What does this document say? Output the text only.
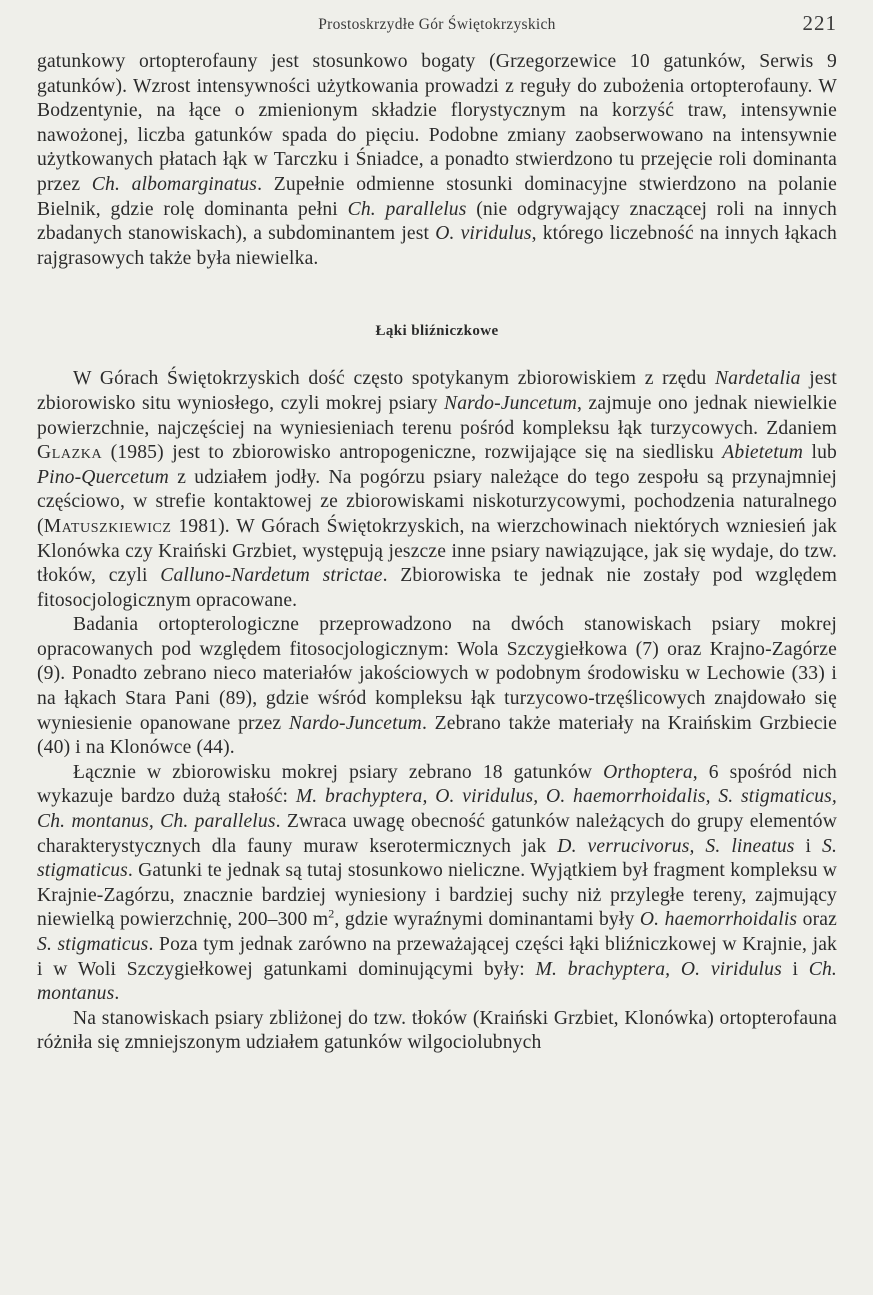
Prostoskrzydłe Gór Świętokrzyskich	221

gatunkowy ortopterofauny jest stosunkowo bogaty (Grzegorzewice 10 gatunków, Serwis 9 gatunków). Wzrost intensywności użytkowania prowadzi z reguły do zubożenia ortopterofauny. W Bodzentynie, na łące o zmienionym składzie florystycznym na korzyść traw, intensywnie nawożonej, liczba gatunków spada do pięciu. Podobne zmiany zaobserwowano na intensywnie użytkowanych płatach łąk w Tarczku i Śniadce, a ponadto stwierdzono tu przejęcie roli dominanta przez Ch. albomarginatus. Zupełnie odmienne stosunki dominacyjne stwierdzono na polanie Bielnik, gdzie rolę dominanta pełni Ch. parallelus (nie odgrywający znaczącej roli na innych zbadanych stanowiskach), a subdominantem jest O. viridulus, którego liczebność na innych łąkach rajgrasowych także była niewielka.

Łąki bliźniczkowe

W Górach Świętokrzyskich dość często spotykanym zbiorowiskiem z rzędu Nardetalia jest zbiorowisko situ wyniosłego, czyli mokrej psiary Nardo-Juncetum, zajmuje ono jednak niewielkie powierzchnie, najczęściej na wyniesieniach terenu pośród kompleksu łąk turzycowych. Zdaniem Glazka (1985) jest to zbiorowisko antropogeniczne, rozwijające się na siedlisku Abietetum lub Pino-Quercetum z udziałem jodły. Na pogórzu psiary należące do tego zespołu są przynajmniej częściowo, w strefie kontaktowej ze zbiorowiskami niskoturzycowymi, pochodzenia naturalnego (Matuszkiewicz 1981). W Górach Świętokrzyskich, na wierzchowinach niektórych wzniesień jak Klonówka czy Kraiński Grzbiet, występują jeszcze inne psiary nawiązujące, jak się wydaje, do tzw. tłoków, czyli Calluno-Nardetum strictae. Zbiorowiska te jednak nie zostały pod względem fitosocjologicznym opracowane.

Badania ortopterologiczne przeprowadzono na dwóch stanowiskach psiary mokrej opracowanych pod względem fitosocjologicznym: Wola Szczygiełkowa (7) oraz Krajno-Zagórze (9). Ponadto zebrano nieco materiałów jakościowych w podobnym środowisku w Lechowie (33) i na łąkach Stara Pani (89), gdzie wśród kompleksu łąk turzycowo-trzęślicowych znajdowało się wyniesienie opanowane przez Nardo-Juncetum. Zebrano także materiały na Kraińskim Grzbiecie (40) i na Klonówce (44).

Łącznie w zbiorowisku mokrej psiary zebrano 18 gatunków Orthoptera, 6 spośród nich wykazuje bardzo dużą stałość: M. brachyptera, O. viridulus, O. haemorrhoidalis, S. stigmaticus, Ch. montanus, Ch. parallelus. Zwraca uwagę obecność gatunków należących do grupy elementów charakterystycznych dla fauny muraw kserotermicznych jak D. verrucivorus, S. lineatus i S. stigmaticus. Gatunki te jednak są tutaj stosunkowo nieliczne. Wyjątkiem był fragment kompleksu w Krajnie-Zagórzu, znacznie bardziej wyniesiony i bardziej suchy niż przyległe tereny, zajmujący niewielką powierzchnię, 200–300 $m^2$, gdzie wyraźnymi dominantami były O. haemorrhoidalis oraz S. stigmaticus. Poza tym jednak zarówno na przeważającej części łąki bliźniczkowej w Krajnie, jak i w Woli Szczygiełkowej gatunkami dominującymi były: M. brachyptera, O. viridulus i Ch. montanus.

Na stanowiskach psiary zbliżonej do tzw. tłoków (Kraiński Grzbiet, Klonówka) ortopterofauna różniła się zmniejszonym udziałem gatunków wilgociolubnych
